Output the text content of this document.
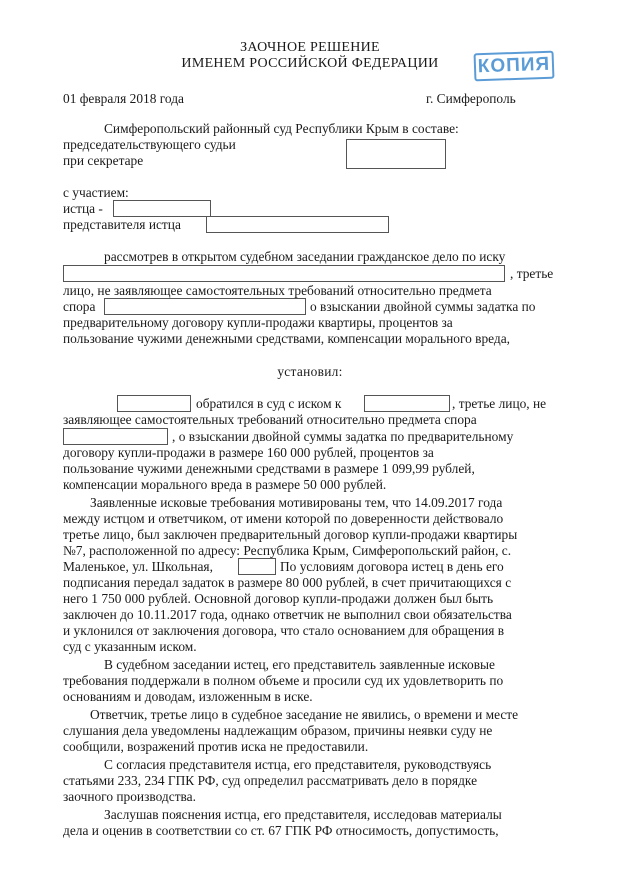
ЗАОЧНОЕ РЕШЕНИЕ
ИМЕНЕМ РОССИЙСКОЙ ФЕДЕРАЦИИ	КОПИЯ
01 февраля 2018 года	г. Симферополь
Симферопольский районный суд Республики Крым в составе:
председательствующего судьи
при секретаре
с участием:
истца -
представителя истца
рассмотрев в открытом судебном заседании гражданское дело по иску
, третье
лицо, не заявляющее самостоятельных требований относительно предмета
спора	о взыскании двойной суммы задатка по
предварительному договору купли-продажи квартиры, процентов за
пользование чужими денежными средствами, компенсации морального вреда,
установил:
обратился в суд с иском к	, третье лицо, не
заявляющее самостоятельных требований относительно предмета спора
, о взыскании двойной суммы задатка по предварительному
договору купли-продажи в размере 160 000 рублей, процентов за
пользование чужими денежными средствами в размере 1 099,99 рублей,
компенсации морального вреда в размере 50 000 рублей.
Заявленные исковые требования мотивированы тем, что 14.09.2017 года
между истцом и ответчиком, от имени которой по доверенности действовало
третье лицо, был заключен предварительный договор купли-продажи квартиры
№7, расположенной по адресу: Республика Крым, Симферопольский район, с.
Маленькое, ул. Школьная,	По условиям договора истец в день его
подписания передал задаток в размере 80 000 рублей, в счет причитающихся с
него 1 750 000 рублей. Основной договор купли-продажи должен был быть
заключен до 10.11.2017 года, однако ответчик не выполнил свои обязательства
и уклонился от заключения договора, что стало основанием для обращения в
суд с указанным иском.
В судебном заседании истец, его представитель заявленные исковые
требования поддержали в полном объеме и просили суд их удовлетворить по
основаниям и доводам, изложенным в иске.
Ответчик, третье лицо в судебное заседание не явились, о времени и месте
слушания дела уведомлены надлежащим образом, причины неявки суду не
сообщили, возражений против иска не предоставили.
С согласия представителя истца, его представителя, руководствуясь
статьями 233, 234 ГПК РФ, суд определил рассматривать дело в порядке
заочного производства.
Заслушав пояснения истца, его представителя, исследовав материалы
дела и оценив в соответствии со ст. 67 ГПК РФ относимость, допустимость,
